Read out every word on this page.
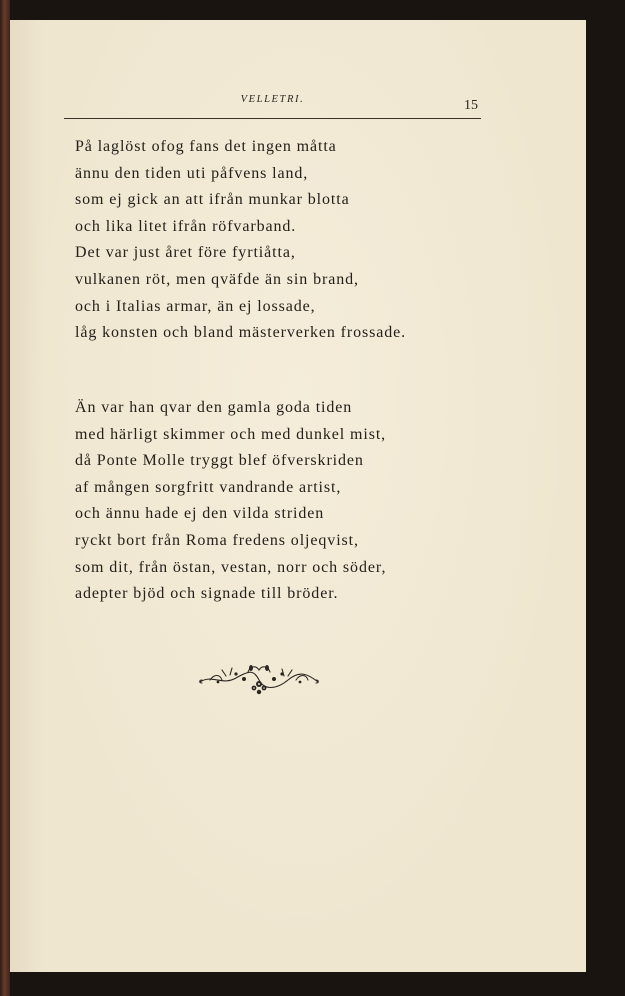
VELLETRI.	15
På laglöst ofog fans det ingen måtta
ännu den tiden uti påfvens land,
som ej gick an att ifrån munkar blotta
och lika litet ifrån röfvarband.
Det var just året före fyrtiåtta,
vulkanen röt, men qväfde än sin brand,
och i Italias armar, än ej lossade,
låg konsten och bland mästerverken frossade.
Än var han qvar den gamla goda tiden
med härligt skimmer och med dunkel mist,
då Ponte Molle tryggt blef öfverskriden
af mången sorgfritt vandrande artist,
och ännu hade ej den vilda striden
ryckt bort från Roma fredens oljeqvist,
som dit, från östan, vestan, norr och söder,
adepter bjöd och signade till bröder.
